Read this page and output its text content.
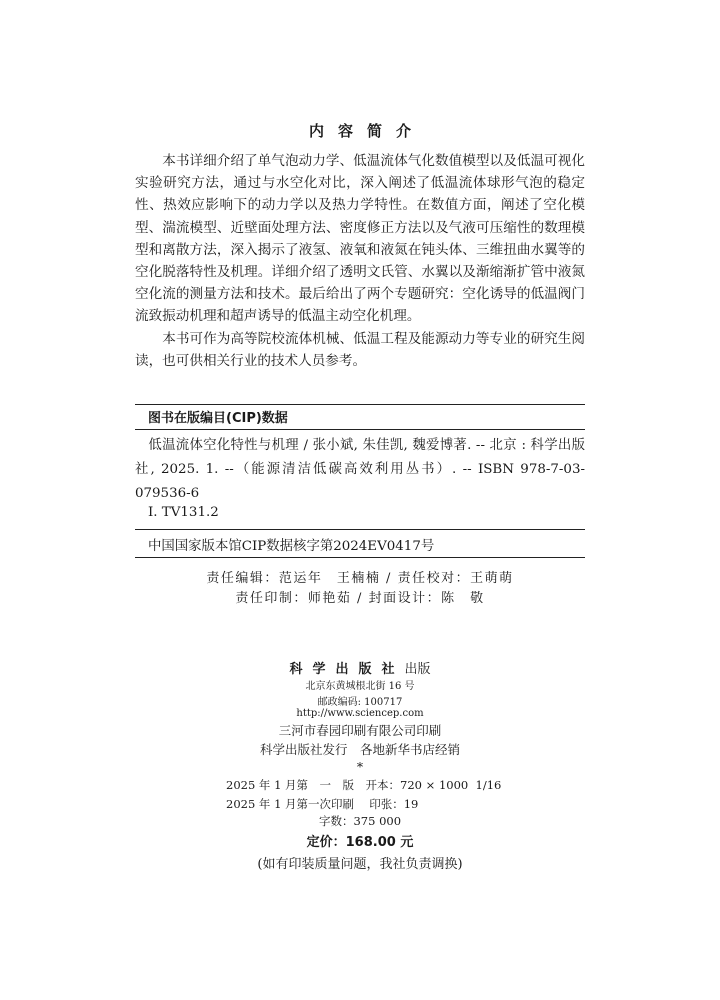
内容简介

本书详细介绍了单气泡动力学、低温流体气化数值模型以及低温可视化实验研究方法，通过与水空化对比，深入阐述了低温流体球形气泡的稳定性、热效应影响下的动力学以及热力学特性。在数值方面，阐述了空化模型、湍流模型、近壁面处理方法、密度修正方法以及气液可压缩性的数理模型和离散方法，深入揭示了液氢、液氧和液氮在钝头体、三维扭曲水翼等的空化脱落特性及机理。详细介绍了透明文氏管、水翼以及渐缩渐扩管中液氮空化流的测量方法和技术。最后给出了两个专题研究：空化诱导的低温阀门流致振动机理和超声诱导的低温主动空化机理。

本书可作为高等院校流体机械、低温工程及能源动力等专业的研究生阅读，也可供相关行业的技术人员参考。

图书在版编目(CIP)数据

低温流体空化特性与机理 / 张小斌, 朱佳凯, 魏爱博著. -- 北京 : 科学出版社, 2025. 1. --（能源清洁低碳高效利用丛书）. -- ISBN 978-7-03-079536-6

Ⅰ. TV131.2
中国国家版本馆CIP数据核字第2024EV0417号
责任编辑：范运年　王楠楠 / 责任校对：王萌萌
责任印制：师艳茹 / 封面设计：陈　敬
科学出版社出版
北京东黄城根北街 16 号
邮政编码: 100717
http://www.sciencep.com
三河市春园印刷有限公司印刷
科学出版社发行　各地新华书店经销
*
2025 年 1 月第　一　版　开本：720 × 1000  1/16
2025 年 1 月第一次印刷　 印张：19
字数：375 000
定价：168.00 元
(如有印装质量问题，我社负责调换)
